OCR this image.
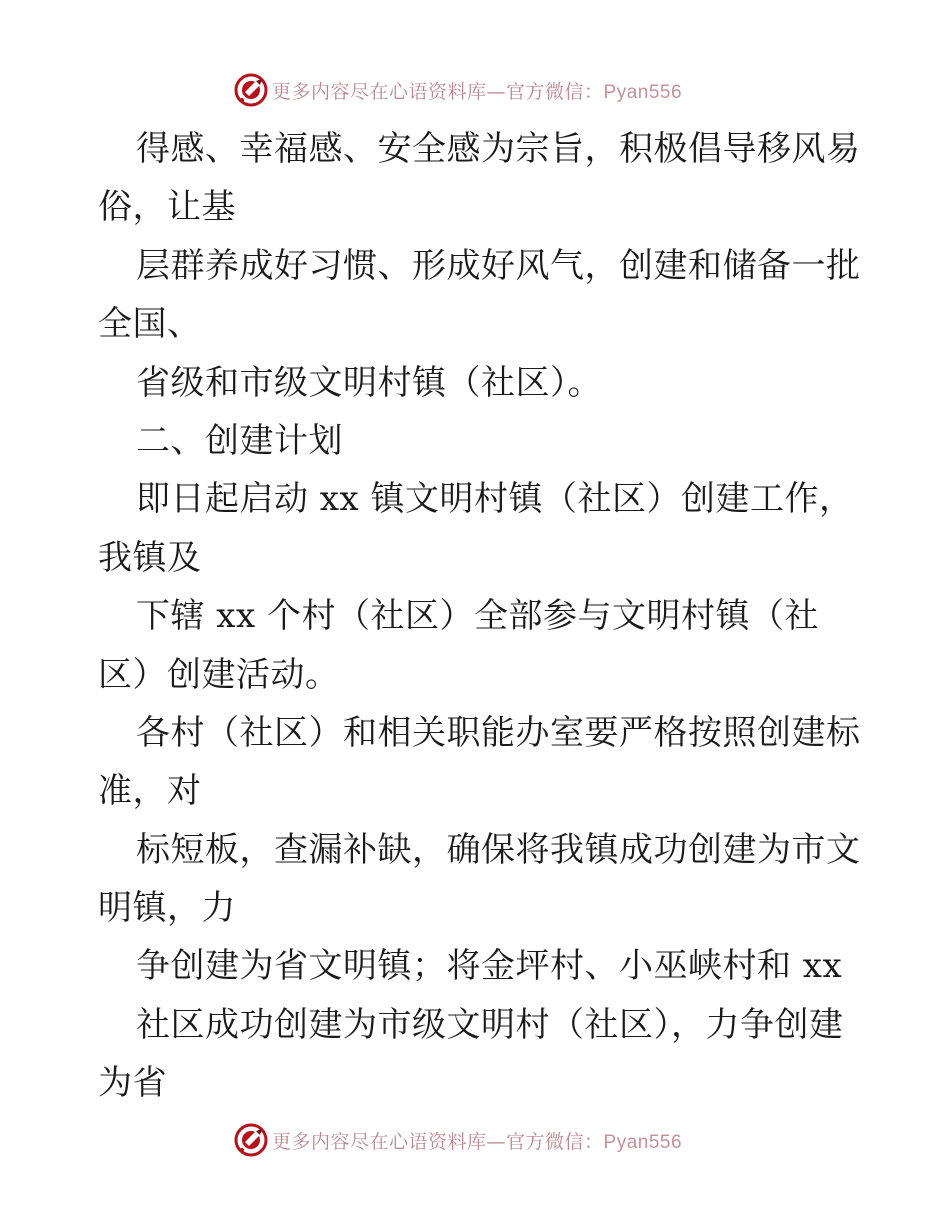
更多内容尽在心语资料库—官方微信：Pyan556
得感、幸福感、安全感为宗旨，积极倡导移风易
俗，让基
层群养成好习惯、形成好风气，创建和储备一批
全国、
省级和市级文明村镇（社区）。
二、创建计划
即日起启动 xx 镇文明村镇（社区）创建工作，
我镇及
下辖 xx 个村（社区）全部参与文明村镇（社
区）创建活动。
各村（社区）和相关职能办室要严格按照创建标
准，对
标短板，查漏补缺，确保将我镇成功创建为市文
明镇，力
争创建为省文明镇；将金坪村、小巫峡村和 xx
社区成功创建为市级文明村（社区），力争创建
为省
更多内容尽在心语资料库—官方微信：Pyan556
